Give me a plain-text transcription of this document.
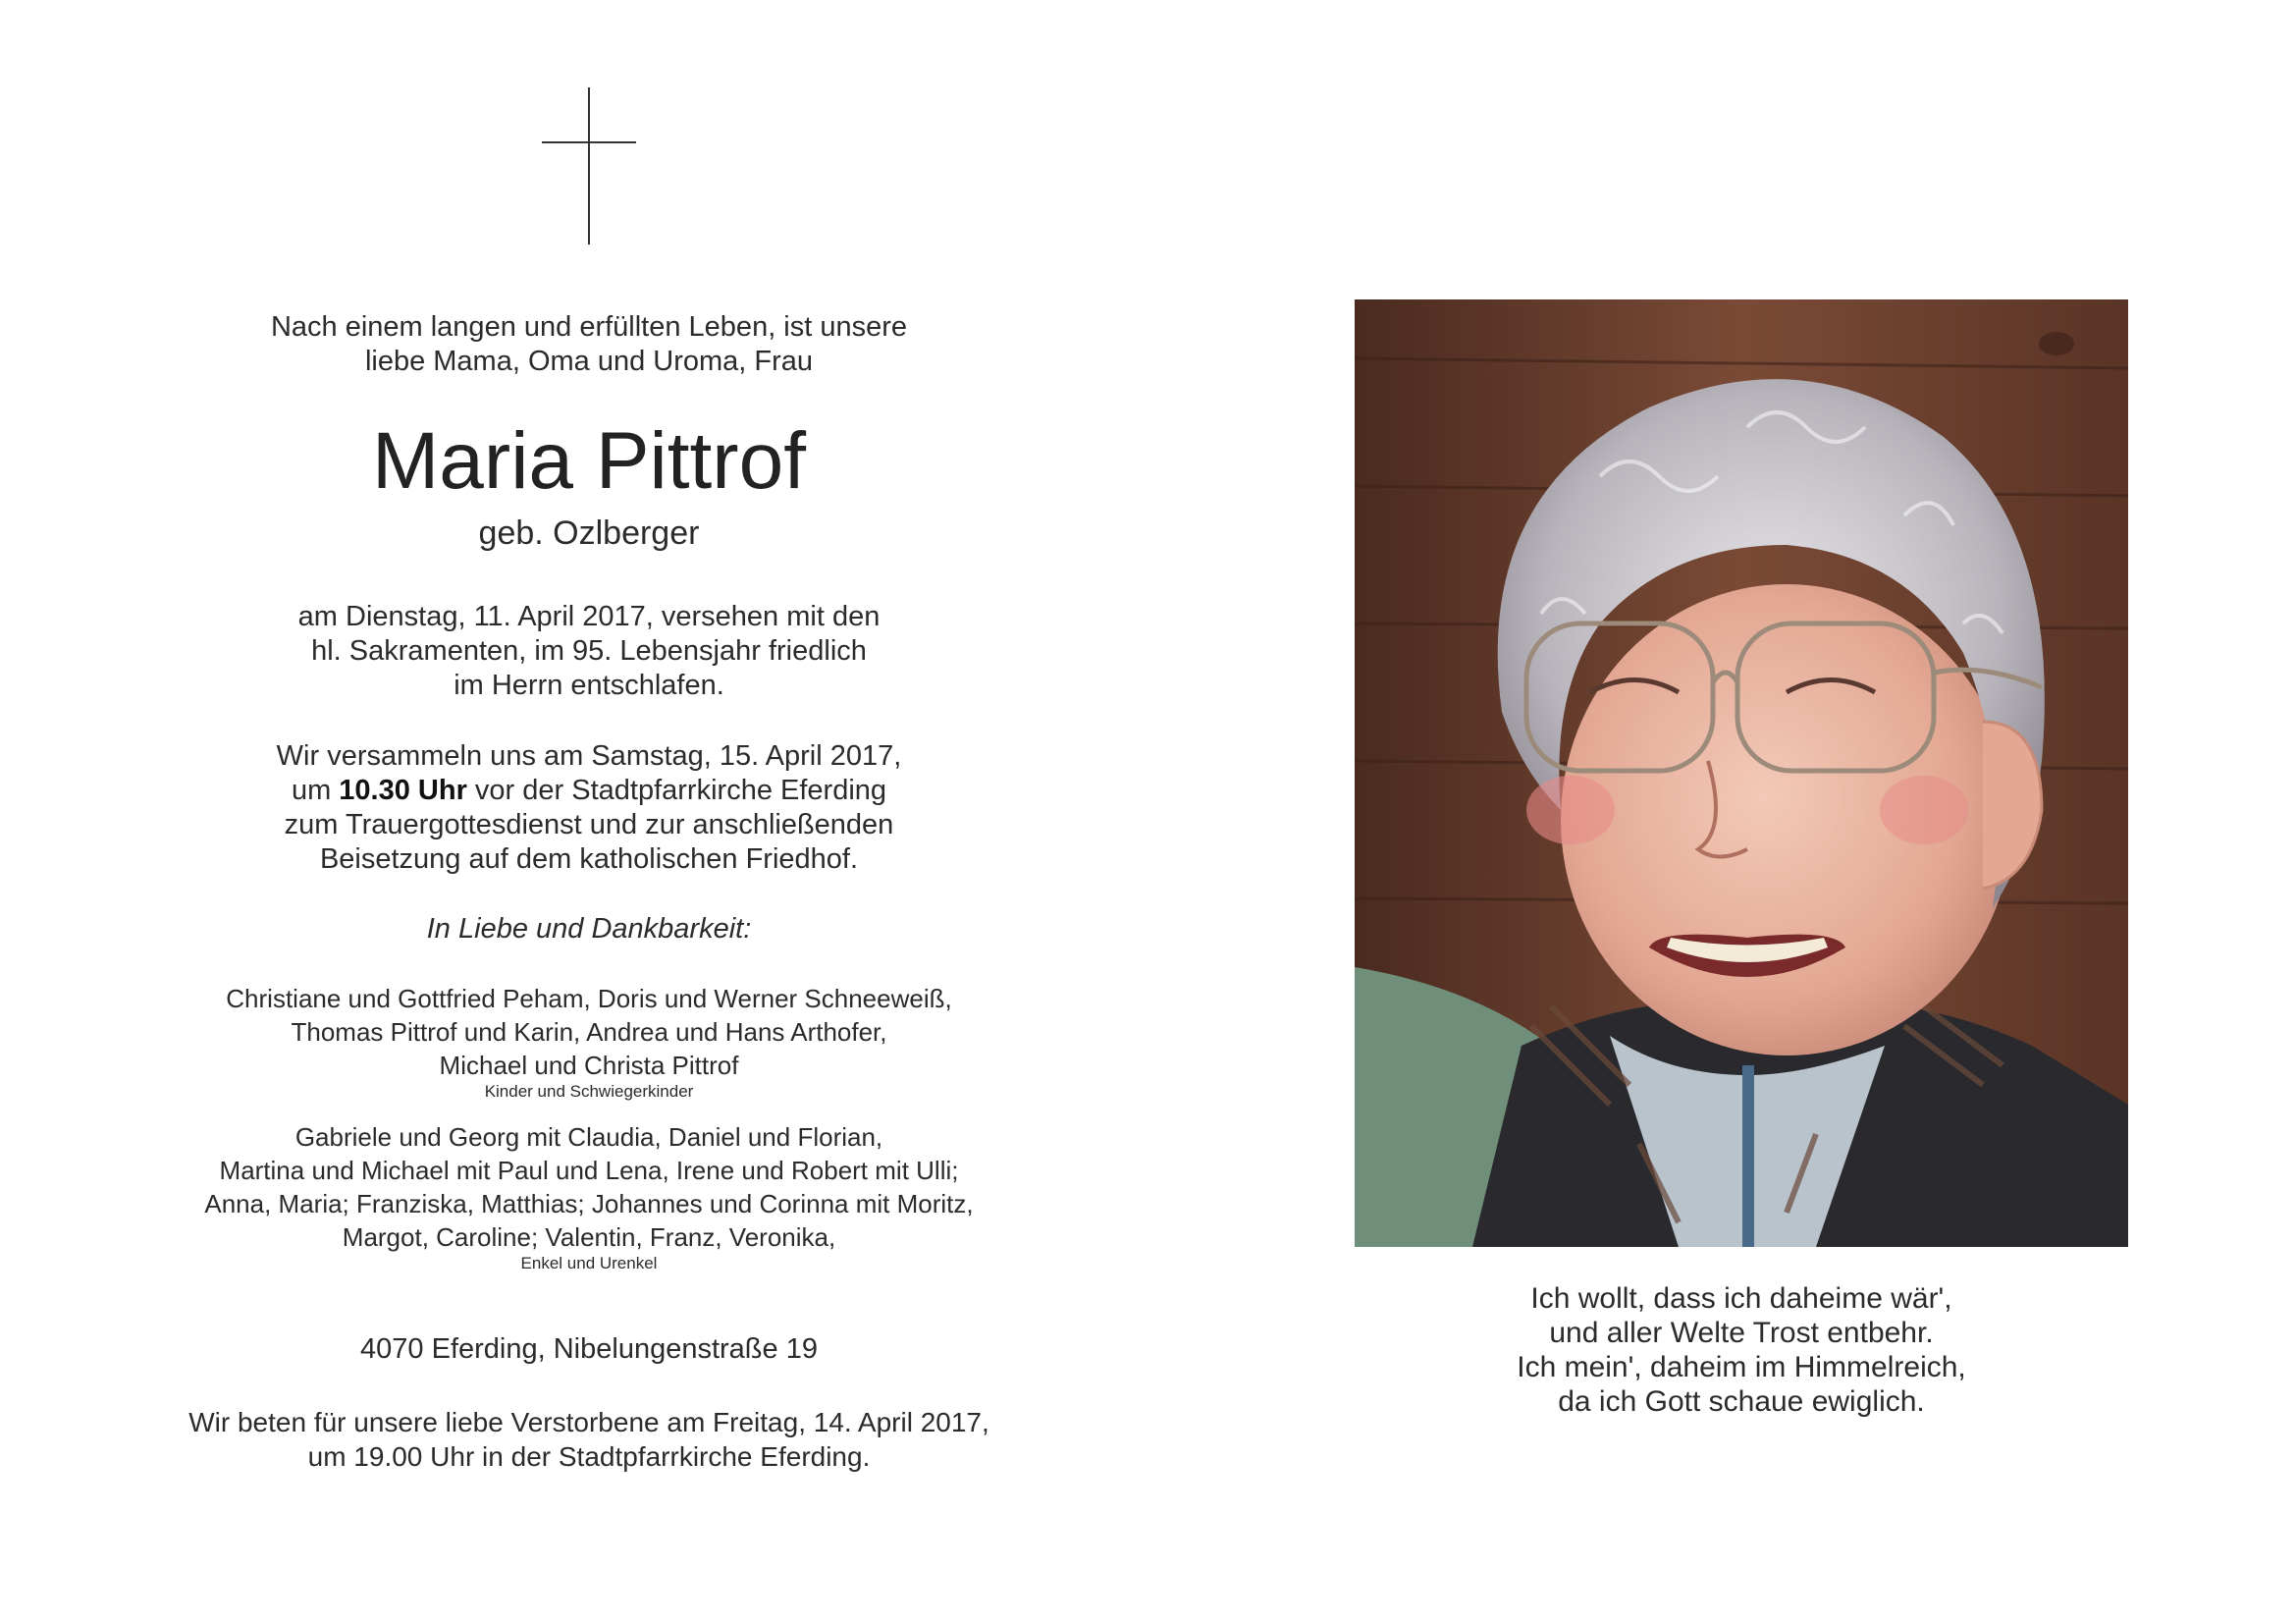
Nach einem langen und erfüllten Leben, ist unsere
liebe Mama, Oma und Uroma, Frau
Maria Pittrof
geb. Ozlberger
am Dienstag, 11. April 2017, versehen mit den
hl. Sakramenten, im 95. Lebensjahr friedlich
im Herrn entschlafen.
Wir versammeln uns am Samstag, 15. April 2017,
um 10.30 Uhr vor der Stadtpfarrkirche Eferding
zum Trauergottesdienst und zur anschließenden
Beisetzung auf dem katholischen Friedhof.
In Liebe und Dankbarkeit:
Christiane und Gottfried Peham, Doris und Werner Schneeweiß,
Thomas Pittrof und Karin, Andrea und Hans Arthofer,
Michael und Christa Pittrof
Kinder und Schwiegerkinder
Gabriele und Georg mit Claudia, Daniel und Florian,
Martina und Michael mit Paul und Lena, Irene und Robert mit Ulli;
Anna, Maria; Franziska, Matthias; Johannes und Corinna mit Moritz,
Margot, Caroline; Valentin, Franz, Veronika,
Enkel und Urenkel
4070 Eferding, Nibelungenstraße 19
Wir beten für unsere liebe Verstorbene am Freitag, 14. April 2017,
um 19.00 Uhr in der Stadtpfarrkirche Eferding.
Ich wollt, dass ich daheime wär',
und aller Welte Trost entbehr.
Ich mein', daheim im Himmelreich,
da ich Gott schaue ewiglich.
